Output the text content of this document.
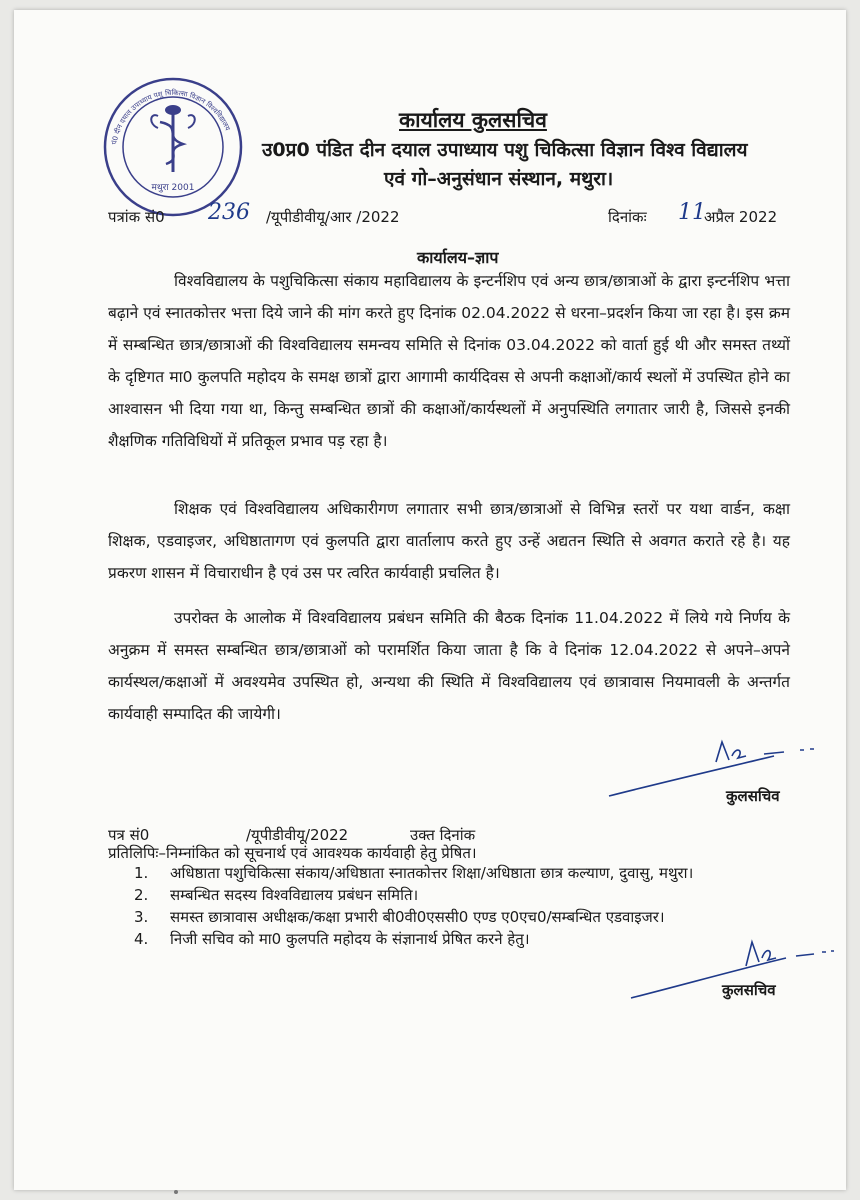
पं0 दीन दयाल उपाध्याय पशु चिकित्सा विज्ञान विश्वविद्यालय
मथुरा 2001
कार्यालय कुलसचिव
उ0प्र0 पंडित दीन दयाल उपाध्याय पशु चिकित्सा विज्ञान विश्व विद्यालय
एवं गो–अनुसंधान संस्थान, मथुरा।
पत्रांक सं0 236 /यूपीडीवीयू/आर /2022	दिनांकः 11
अप्रैल 2022
कार्यालय–ज्ञाप

विश्वविद्यालय के पशुचिकित्सा संकाय महाविद्यालय के इन्टर्नशिप एवं अन्य छात्र/छात्राओं के द्वारा इन्टर्नशिप भत्ता बढ़ाने एवं स्नातकोत्तर भत्ता दिये जाने की मांग करते हुए दिनांक 02.04.2022 से धरना–प्रदर्शन किया जा रहा है। इस क्रम में सम्बन्धित छात्र/छात्राओं की विश्वविद्यालय समन्वय समिति से दिनांक 03.04.2022 को वार्ता हुई थी और समस्त तथ्यों के दृष्टिगत मा0 कुलपति महोदय के समक्ष छात्रों द्वारा आगामी कार्यदिवस से अपनी कक्षाओं/कार्य स्थलों में उपस्थित होने का आश्वासन भी दिया गया था, किन्तु सम्बन्धित छात्रों की कक्षाओं/कार्यस्थलों में अनुपस्थिति लगातार जारी है, जिससे इनकी शैक्षणिक गतिविधियों में प्रतिकूल प्रभाव पड़ रहा है।

शिक्षक एवं विश्वविद्यालय अधिकारीगण लगातार सभी छात्र/छात्राओं से विभिन्न स्तरों पर यथा वार्डन, कक्षा शिक्षक, एडवाइजर, अधिष्ठातागण एवं कुलपति द्वारा वार्तालाप करते हुए उन्हें अद्यतन स्थिति से अवगत कराते रहे है। यह प्रकरण शासन में विचाराधीन है एवं उस पर त्वरित कार्यवाही प्रचलित है।

उपरोक्त के आलोक में विश्वविद्यालय प्रबंधन समिति की बैठक दिनांक 11.04.2022 में लिये गये निर्णय के अनुक्रम में समस्त सम्बन्धित छात्र/छात्राओं को परामर्शित किया जाता है कि वे दिनांक 12.04.2022 से अपने–अपने कार्यस्थल/कक्षाओं में अवश्यमेव उपस्थित हो, अन्यथा की स्थिति में विश्वविद्यालय एवं छात्रावास नियमावली के अन्तर्गत कार्यवाही सम्पादित की जायेगी।

कुलसचिव
पत्र सं0	/यूपीडीवीयू/2022	उक्त दिनांक
प्रतिलिपिः–निम्नांकित को सूचनार्थ एवं आवश्यक कार्यवाही हेतु प्रेषित।
1.	अधिष्ठाता पशुचिकित्सा संकाय/अधिष्ठाता स्नातकोत्तर शिक्षा/अधिष्ठाता छात्र कल्याण, दुवासु, मथुरा।
2.	सम्बन्धित सदस्य विश्वविद्यालय प्रबंधन समिति।
3.	समस्त छात्रावास अधीक्षक/कक्षा प्रभारी बी0वी0एससी0 एण्ड ए0एच0/सम्बन्धित एडवाइजर।
4.	निजी सचिव को मा0 कुलपति महोदय के संज्ञानार्थ प्रेषित करने हेतु।
कुलसचिव
